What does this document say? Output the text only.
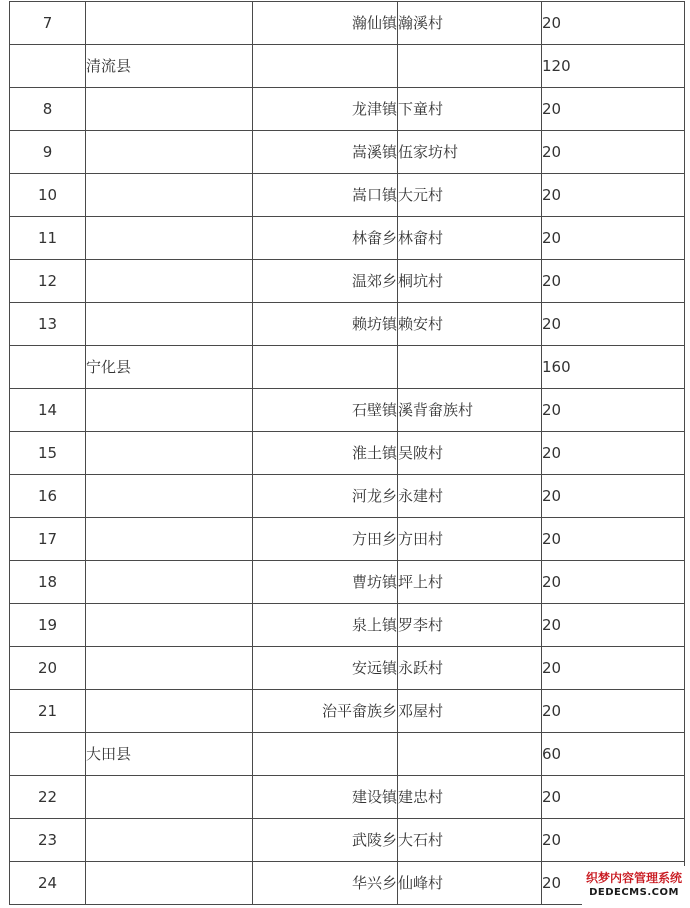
7		瀚仙镇	瀚溪村	20
	清流县			120
8		龙津镇	下童村	20
9		嵩溪镇	伍家坊村	20
10		嵩口镇	大元村	20
11		林畲乡	林畲村	20
12		温郊乡	桐坑村	20
13		赖坊镇	赖安村	20
	宁化县			160
14		石壁镇	溪背畲族村	20
15		淮土镇	吴陂村	20
16		河龙乡	永建村	20
17		方田乡	方田村	20
18		曹坊镇	坪上村	20
19		泉上镇	罗李村	20
20		安远镇	永跃村	20
21		治平畲族乡	邓屋村	20
	大田县			60
22		建设镇	建忠村	20
23		武陵乡	大石村	20
24		华兴乡	仙峰村	20	织梦内容管理系统
DEDECMS.COM
